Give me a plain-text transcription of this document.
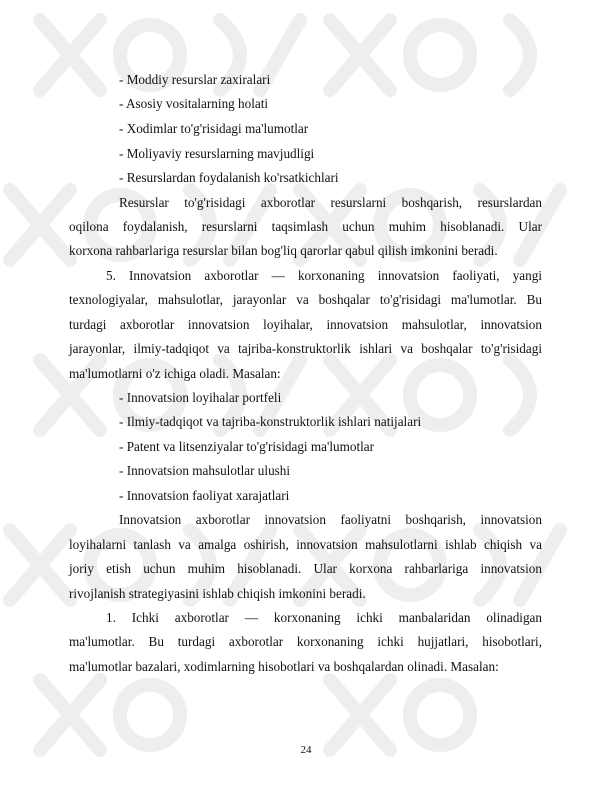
- Moddiy resurslar zaxiralari
- Asosiy vositalarning holati
- Xodimlar to'g'risidagi ma'lumotlar
- Moliyaviy resurslarning mavjudligi
- Resurslardan foydalanish ko'rsatkichlari
Resurslar to'g'risidagi axborotlar resurslarni boshqarish, resurslardan
oqilona foydalanish, resurslarni taqsimlash uchun muhim hisoblanadi. Ular
korxona rahbarlariga resurslar bilan bog'liq qarorlar qabul qilish imkonini beradi.
5. Innovatsion axborotlar — korxonaning innovatsion faoliyati, yangi
texnologiyalar, mahsulotlar, jarayonlar va boshqalar to'g'risidagi ma'lumotlar. Bu
turdagi axborotlar innovatsion loyihalar, innovatsion mahsulotlar, innovatsion
jarayonlar, ilmiy-tadqiqot va tajriba-konstruktorlik ishlari va boshqalar to'g'risidagi
ma'lumotlarni o'z ichiga oladi. Masalan:
- Innovatsion loyihalar portfeli
- Ilmiy-tadqiqot va tajriba-konstruktorlik ishlari natijalari
- Patent va litsenziyalar to'g'risidagi ma'lumotlar
- Innovatsion mahsulotlar ulushi
- Innovatsion faoliyat xarajatlari
Innovatsion axborotlar innovatsion faoliyatni boshqarish, innovatsion
loyihalarni tanlash va amalga oshirish, innovatsion mahsulotlarni ishlab chiqish va
joriy etish uchun muhim hisoblanadi. Ular korxona rahbarlariga innovatsion
rivojlanish strategiyasini ishlab chiqish imkonini beradi.
1. Ichki axborotlar — korxonaning ichki manbalaridan olinadigan
ma'lumotlar. Bu turdagi axborotlar korxonaning ichki hujjatlari, hisobotlari,
ma'lumotlar bazalari, xodimlarning hisobotlari va boshqalardan olinadi. Masalan:
24
